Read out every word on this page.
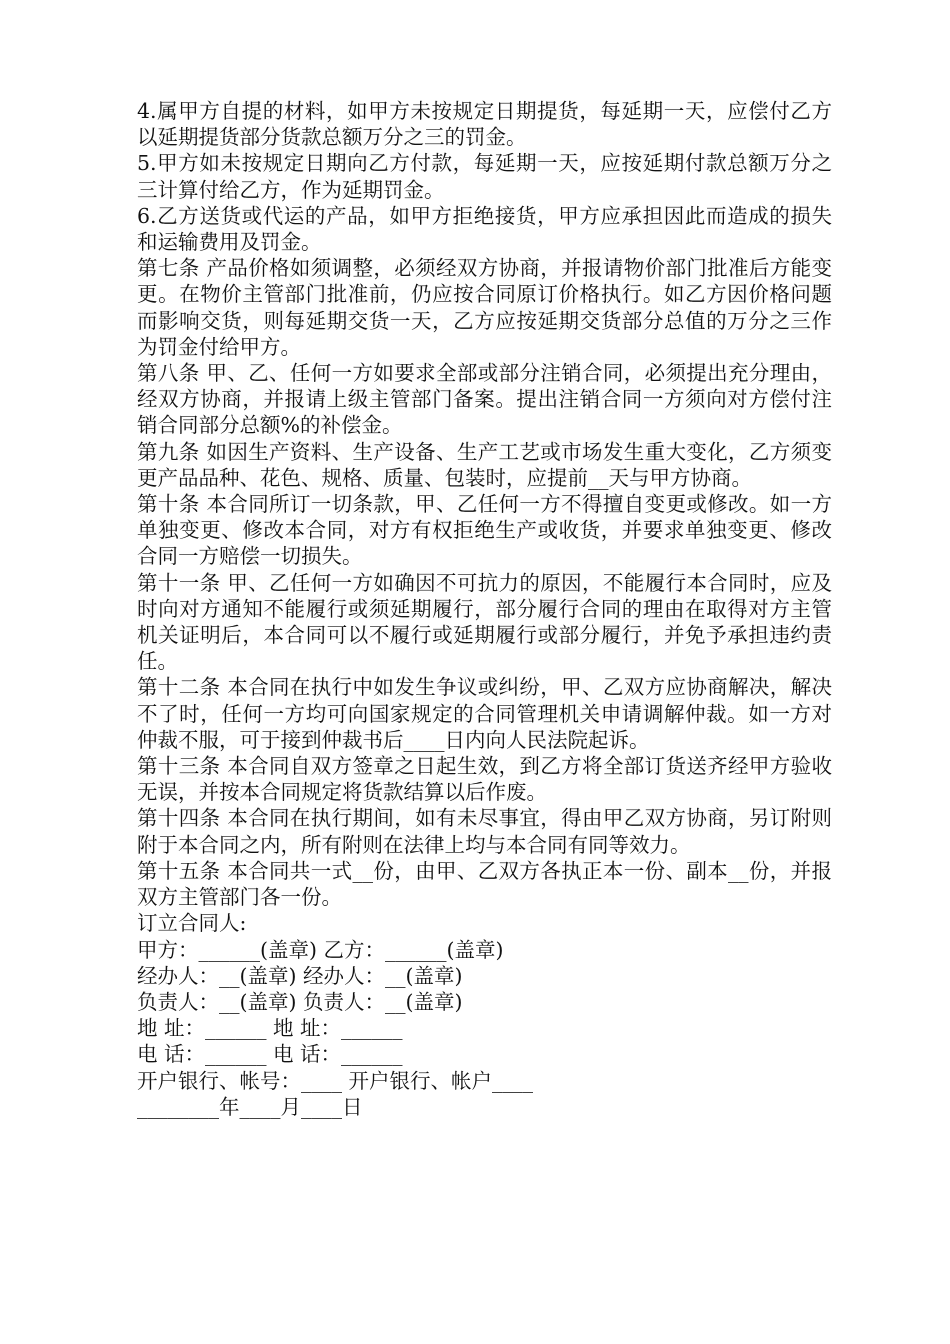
4.属甲方自提的材料，如甲方未按规定日期提货，每延期一天，应偿付乙方以延期提货部分货款总额万分之三的罚金。

5.甲方如未按规定日期向乙方付款，每延期一天，应按延期付款总额万分之三计算付给乙方，作为延期罚金。

6.乙方送货或代运的产品，如甲方拒绝接货，甲方应承担因此而造成的损失和运输费用及罚金。

第七条 产品价格如须调整，必须经双方协商，并报请物价部门批准后方能变更。在物价主管部门批准前，仍应按合同原订价格执行。如乙方因价格问题而影响交货，则每延期交货一天，乙方应按延期交货部分总值的万分之三作为罚金付给甲方。

第八条 甲、乙、任何一方如要求全部或部分注销合同，必须提出充分理由，经双方协商，并报请上级主管部门备案。提出注销合同一方须向对方偿付注销合同部分总额%的补偿金。

第九条 如因生产资料、生产设备、生产工艺或市场发生重大变化，乙方须变更产品品种、花色、规格、质量、包装时，应提前__天与甲方协商。

第十条 本合同所订一切条款，甲、乙任何一方不得擅自变更或修改。如一方单独变更、修改本合同，对方有权拒绝生产或收货，并要求单独变更、修改合同一方赔偿一切损失。

第十一条 甲、乙任何一方如确因不可抗力的原因，不能履行本合同时，应及时向对方通知不能履行或须延期履行，部分履行合同的理由在取得对方主管机关证明后，本合同可以不履行或延期履行或部分履行，并免予承担违约责任。

第十二条 本合同在执行中如发生争议或纠纷，甲、乙双方应协商解决，解决不了时，任何一方均可向国家规定的合同管理机关申请调解仲裁。如一方对仲裁不服，可于接到仲裁书后____日内向人民法院起诉。

第十三条 本合同自双方签章之日起生效，到乙方将全部订货送齐经甲方验收无误，并按本合同规定将货款结算以后作废。

第十四条 本合同在执行期间，如有未尽事宜，得由甲乙双方协商，另订附则附于本合同之内，所有附则在法律上均与本合同有同等效力。

第十五条 本合同共一式__份，由甲、乙双方各执正本一份、副本__份，并报双方主管部门各一份。

订立合同人:

甲方：______(盖章) 乙方：______(盖章)

经办人：__(盖章) 经办人：__(盖章)

负责人：__(盖章) 负责人：__(盖章)

地 址：______ 地 址：______

电 话：______ 电 话：______

开户银行、帐号：____ 开户银行、帐户____

________年____月____日
